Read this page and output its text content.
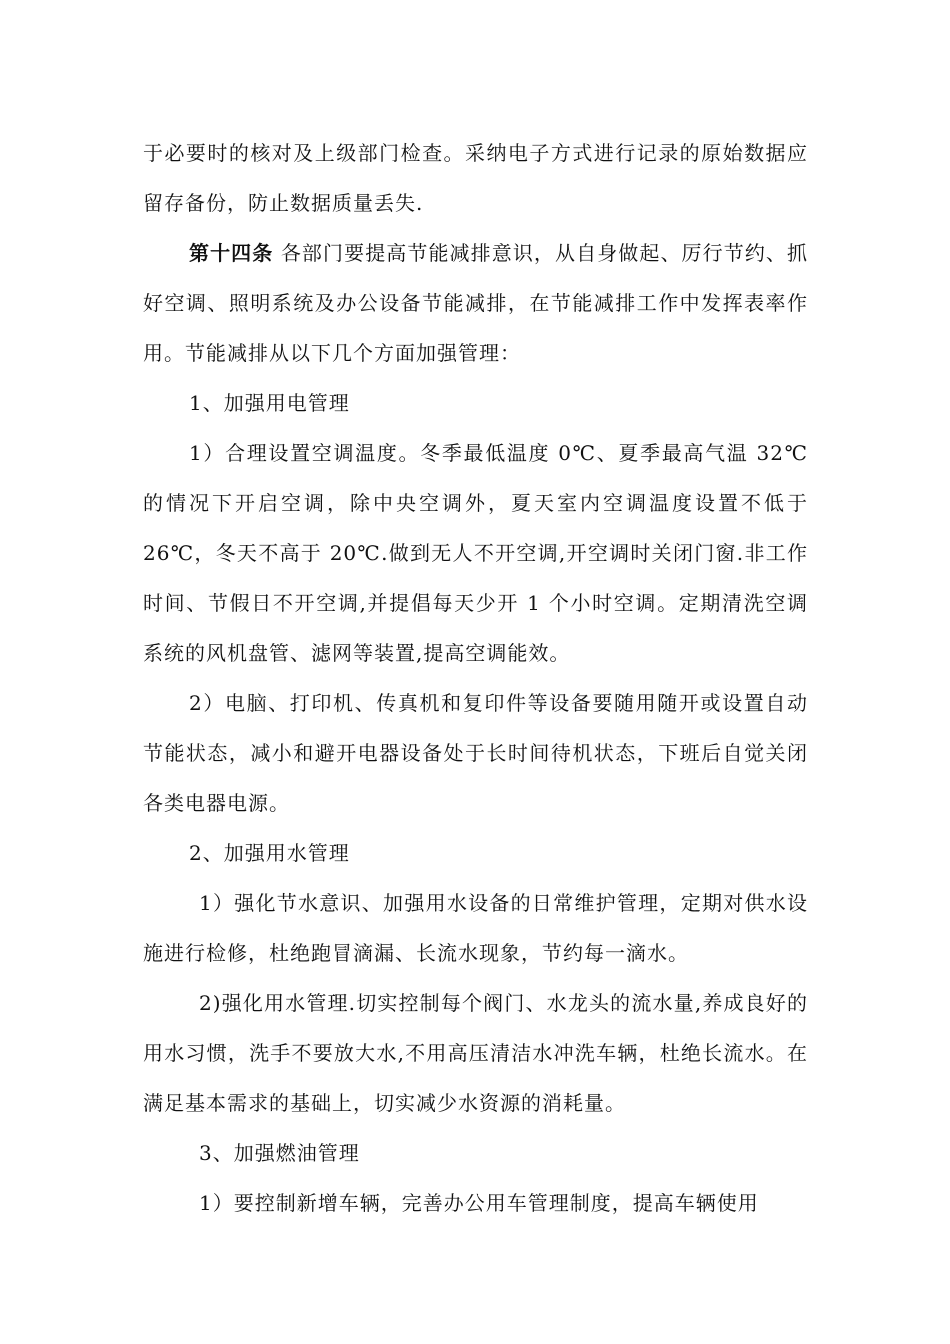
于必要时的核对及上级部门检查。采纳电子方式进行记录的原始数据应留存备份，防止数据质量丢失.

第十四条 各部门要提高节能减排意识，从自身做起、厉行节约、抓好空调、照明系统及办公设备节能减排，在节能减排工作中发挥表率作用。节能减排从以下几个方面加强管理：

1、加强用电管理

1）合理设置空调温度。冬季最低温度 0℃、夏季最高气温 32℃的情况下开启空调，除中央空调外，夏天室内空调温度设置不低于 26℃，冬天不高于 20℃.做到无人不开空调,开空调时关闭门窗.非工作时间、节假日不开空调,并提倡每天少开 1 个小时空调。定期清洗空调系统的风机盘管、滤网等装置,提高空调能效。

2）电脑、打印机、传真机和复印件等设备要随用随开或设置自动节能状态，减小和避开电器设备处于长时间待机状态，下班后自觉关闭各类电器电源。

2、加强用水管理

1）强化节水意识、加强用水设备的日常维护管理，定期对供水设施进行检修，杜绝跑冒滴漏、长流水现象，节约每一滴水。

2)强化用水管理.切实控制每个阀门、水龙头的流水量,养成良好的用水习惯，洗手不要放大水,不用高压清洁水冲洗车辆，杜绝长流水。在满足基本需求的基础上，切实减少水资源的消耗量。

3、加强燃油管理

1）要控制新增车辆，完善办公用车管理制度，提高车辆使用
